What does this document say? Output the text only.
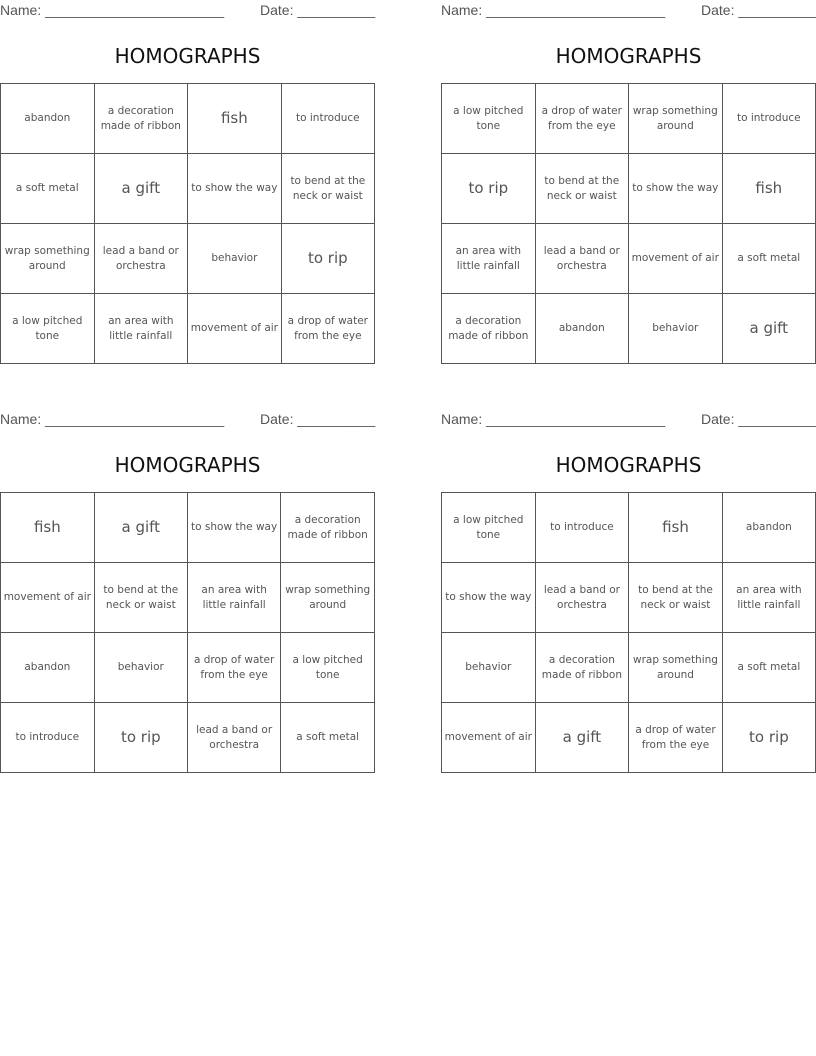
Name: _______________________	Date: __________
HOMOGRAPHS
abandon	a decoration made of ribbon	fish	to introduce
a soft metal	a gift	to show the way	to bend at the neck or waist
wrap something around	lead a band or orchestra	behavior	to rip
a low pitched tone	an area with little rainfall	movement of air	a drop of water from the eye
Name: _______________________	Date: __________
HOMOGRAPHS
a low pitched tone	a drop of water from the eye	wrap something around	to introduce
to rip	to bend at the neck or waist	to show the way	fish
an area with little rainfall	lead a band or orchestra	movement of air	a soft metal
a decoration made of ribbon	abandon	behavior	a gift
Name: _______________________	Date: __________
HOMOGRAPHS
fish	a gift	to show the way	a decoration made of ribbon
movement of air	to bend at the neck or waist	an area with little rainfall	wrap something around
abandon	behavior	a drop of water from the eye	a low pitched tone
to introduce	to rip	lead a band or orchestra	a soft metal
Name: _______________________	Date: __________
HOMOGRAPHS
a low pitched tone	to introduce	fish	abandon
to show the way	lead a band or orchestra	to bend at the neck or waist	an area with little rainfall
behavior	a decoration made of ribbon	wrap something around	a soft metal
movement of air	a gift	a drop of water from the eye	to rip
